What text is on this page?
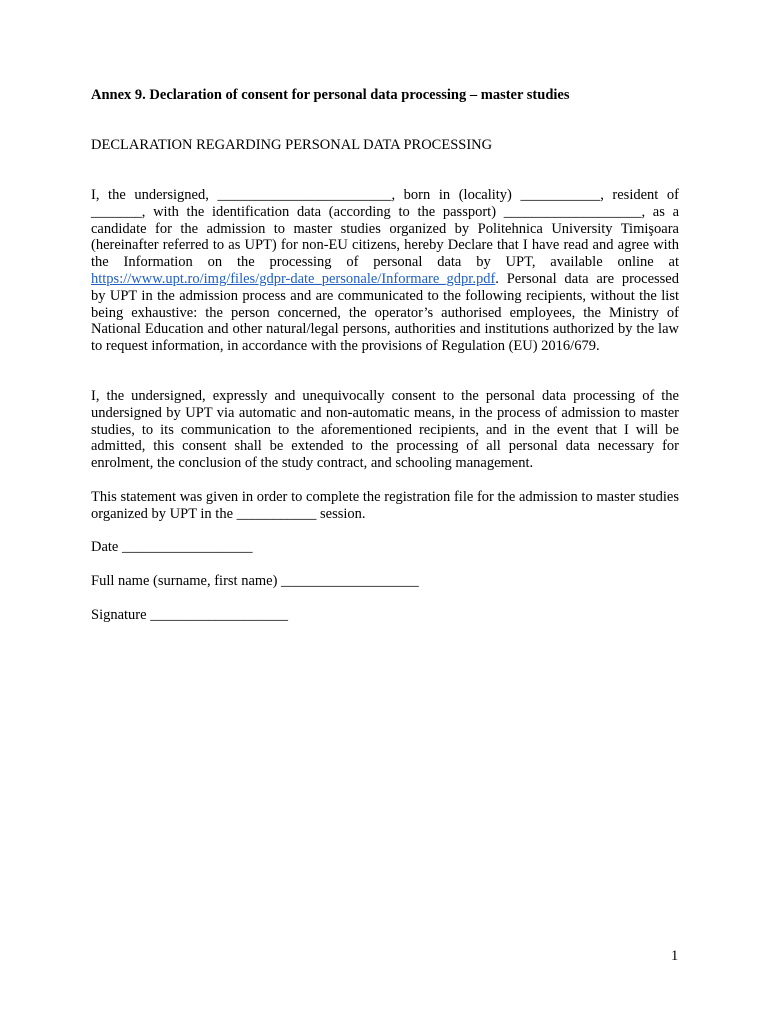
Annex 9. Declaration of consent for personal data processing – master studies
DECLARATION REGARDING PERSONAL DATA PROCESSING
I, the undersigned, ________________________, born in (locality) ___________, resident of _______, with the identification data (according to the passport) ___________________, as a candidate for the admission to master studies organized by Politehnica University Timişoara (hereinafter referred to as UPT) for non-EU citizens, hereby Declare that I have read and agree with the Information on the processing of personal data by UPT, available online at https://www.upt.ro/img/files/gdpr-date_personale/Informare_gdpr.pdf. Personal data are processed by UPT in the admission process and are communicated to the following recipients, without the list being exhaustive: the person concerned, the operator’s authorised employees, the Ministry of National Education and other natural/legal persons, authorities and institutions authorized by the law to request information, in accordance with the provisions of Regulation (EU) 2016/679.
I, the undersigned, expressly and unequivocally consent to the personal data processing of the undersigned by UPT via automatic and non-automatic means, in the process of admission to master studies, to its communication to the aforementioned recipients, and in the event that I will be admitted, this consent shall be extended to the processing of all personal data necessary for enrolment, the conclusion of the study contract, and schooling management.
This statement was given in order to complete the registration file for the admission to master studies organized by UPT in the ___________ session.
Date __________________
Full name (surname, first name) ___________________
Signature ___________________
1
